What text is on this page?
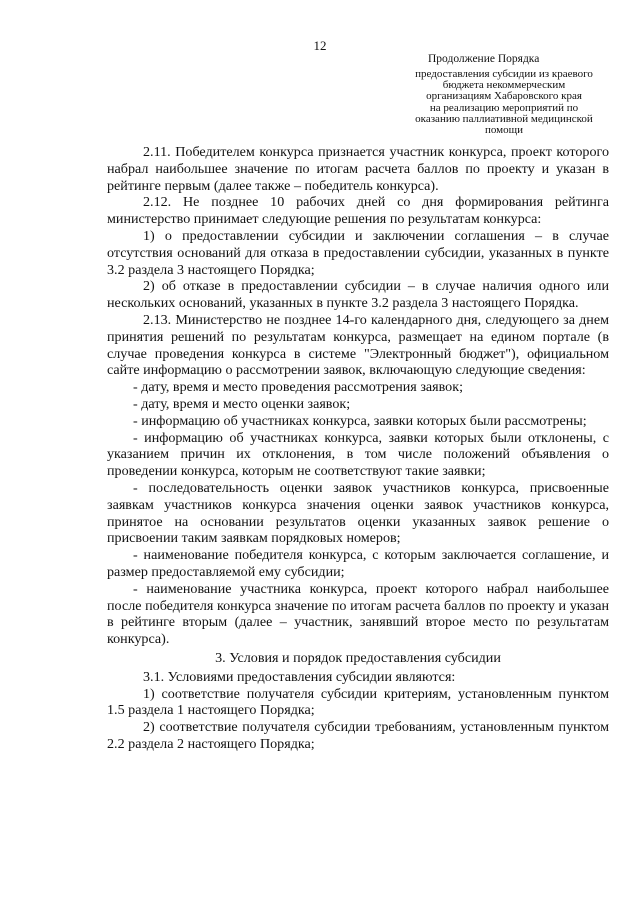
12
Продолжение Порядка
предоставления субсидии из краевого
бюджета некоммерческим
организациям Хабаровского края
на реализацию мероприятий по
оказанию паллиативной медицинской
помощи

2.11. Победителем конкурса признается участник конкурса, проект которого набрал наибольшее значение по итогам расчета баллов по проекту и указан в рейтинге первым (далее также – победитель конкурса).

2.12. Не позднее 10 рабочих дней со дня формирования рейтинга министерство принимает следующие решения по результатам конкурса:

1) о предоставлении субсидии и заключении соглашения – в случае отсутствия оснований для отказа в предоставлении субсидии, указанных в пункте 3.2 раздела 3 настоящего Порядка;

2) об отказе в предоставлении субсидии – в случае наличия одного или нескольких оснований, указанных в пункте 3.2 раздела 3 настоящего Порядка.

2.13. Министерство не позднее 14-го календарного дня, следующего за днем принятия решений по результатам конкурса, размещает на едином портале (в случае проведения конкурса в системе "Электронный бюджет"), официальном сайте информацию о рассмотрении заявок, включающую следующие сведения:

- дату, время и место проведения рассмотрения заявок;

- дату, время и место оценки заявок;

- информацию об участниках конкурса, заявки которых были рассмотрены;

- информацию об участниках конкурса, заявки которых были отклонены, с указанием причин их отклонения, в том числе положений объявления о проведении конкурса, которым не соответствуют такие заявки;

- последовательность оценки заявок участников конкурса, присвоенные заявкам участников конкурса значения оценки заявок участников конкурса, принятое на основании результатов оценки указанных заявок решение о присвоении таким заявкам порядковых номеров;

- наименование победителя конкурса, с которым заключается соглашение, и размер предоставляемой ему субсидии;

- наименование участника конкурса, проект которого набрал наибольшее после победителя конкурса значение по итогам расчета баллов по проекту и указан в рейтинге вторым (далее – участник, занявший второе место по результатам конкурса).

3. Условия и порядок предоставления субсидии

3.1. Условиями предоставления субсидии являются:

1) соответствие получателя субсидии критериям, установленным пунктом 1.5 раздела 1 настоящего Порядка;

2) соответствие получателя субсидии требованиям, установленным пунктом 2.2 раздела 2 настоящего Порядка;
